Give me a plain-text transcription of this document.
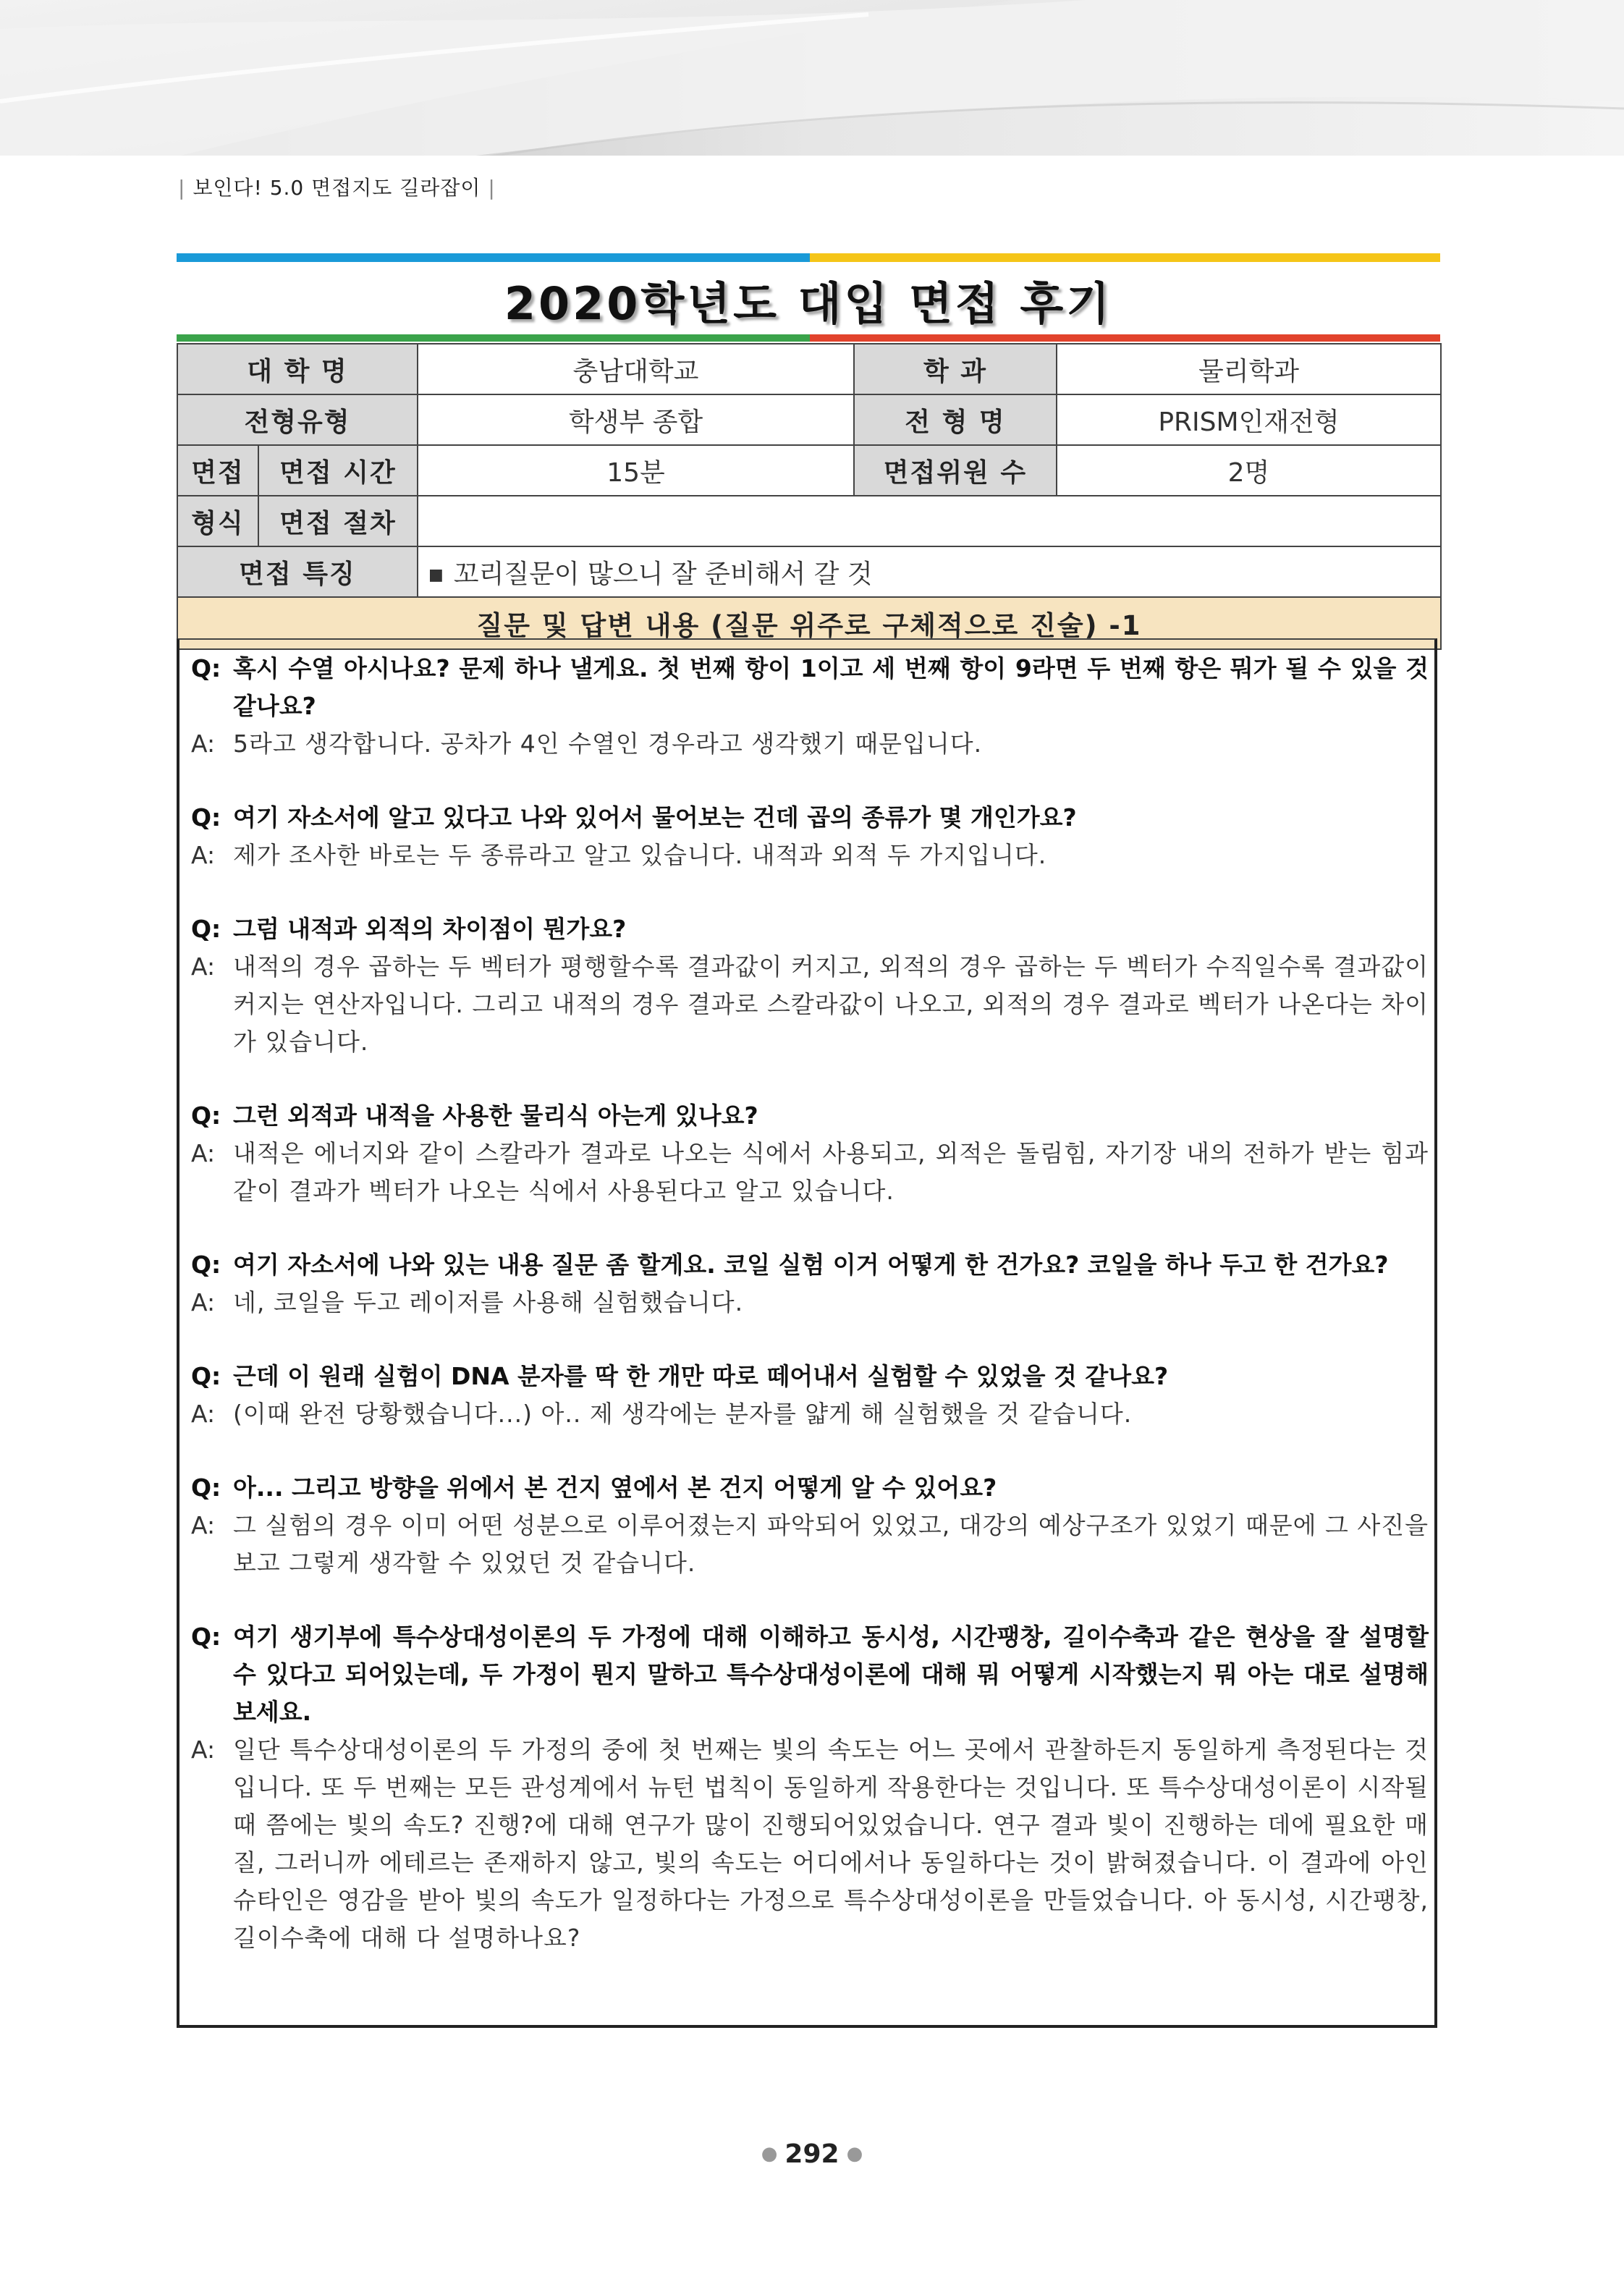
| 보인다! 5.0 면접지도 길라잡이 |
2020학년도 대입 면접 후기
대 학 명		충남대학교	학 과	물리학과
전형유형		학생부 종합	전 형 명	PRISM인재전형
면접	면접 시간	15분	면접위원 수	2명
형식	면접 절차			
면접 특징		■ 꼬리질문이 많으니 잘 준비해서 갈 것		
질문 및 답변 내용 (질문 위주로 구체적으로 진술) -1				
Q: 혹시 수열 아시나요? 문제 하나 낼게요. 첫 번째 항이 1이고 세 번째 항이 9라면 두 번째 항은 뭐가 될 수 있을 것 같나요?
A: 5라고 생각합니다. 공차가 4인 수열인 경우라고 생각했기 때문입니다.
Q: 여기 자소서에 알고 있다고 나와 있어서 물어보는 건데 곱의 종류가 몇 개인가요?
A: 제가 조사한 바로는 두 종류라고 알고 있습니다. 내적과 외적 두 가지입니다.
Q: 그럼 내적과 외적의 차이점이 뭔가요?
A: 내적의 경우 곱하는 두 벡터가 평행할수록 결과값이 커지고, 외적의 경우 곱하는 두 벡터가 수직일수록 결과값이 커지는 연산자입니다. 그리고 내적의 경우 결과로 스칼라값이 나오고, 외적의 경우 결과로 벡터가 나온다는 차이가 있습니다.
Q: 그런 외적과 내적을 사용한 물리식 아는게 있나요?
A: 내적은 에너지와 같이 스칼라가 결과로 나오는 식에서 사용되고, 외적은 돌림힘, 자기장 내의 전하가 받는 힘과 같이 결과가 벡터가 나오는 식에서 사용된다고 알고 있습니다.
Q: 여기 자소서에 나와 있는 내용 질문 좀 할게요. 코일 실험 이거 어떻게 한 건가요? 코일을 하나 두고 한 건가요?
A: 네, 코일을 두고 레이저를 사용해 실험했습니다.
Q: 근데 이 원래 실험이 DNA 분자를 딱 한 개만 따로 떼어내서 실험할 수 있었을 것 같나요?
A: (이때 완전 당황했습니다...) 아.. 제 생각에는 분자를 얇게 해 실험했을 것 같습니다.
Q: 아... 그리고 방향을 위에서 본 건지 옆에서 본 건지 어떻게 알 수 있어요?
A: 그 실험의 경우 이미 어떤 성분으로 이루어졌는지 파악되어 있었고, 대강의 예상구조가 있었기 때문에 그 사진을 보고 그렇게 생각할 수 있었던 것 같습니다.
Q: 여기 생기부에 특수상대성이론의 두 가정에 대해 이해하고 동시성, 시간팽창, 길이수축과 같은 현상을 잘 설명할 수 있다고 되어있는데, 두 가정이 뭔지 말하고 특수상대성이론에 대해 뭐 어떻게 시작했는지 뭐 아는 대로 설명해 보세요.
A: 일단 특수상대성이론의 두 가정의 중에 첫 번째는 빛의 속도는 어느 곳에서 관찰하든지 동일하게 측정된다는 것입니다. 또 두 번째는 모든 관성계에서 뉴턴 법칙이 동일하게 작용한다는 것입니다. 또 특수상대성이론이 시작될 때 쯤에는 빛의 속도? 진행?에 대해 연구가 많이 진행되어있었습니다. 연구 결과 빛이 진행하는 데에 필요한 매질, 그러니까 에테르는 존재하지 않고, 빛의 속도는 어디에서나 동일하다는 것이 밝혀졌습니다. 이 결과에 아인슈타인은 영감을 받아 빛의 속도가 일정하다는 가정으로 특수상대성이론을 만들었습니다. 아 동시성, 시간팽창, 길이수축에 대해 다 설명하나요?
● 292 ●
